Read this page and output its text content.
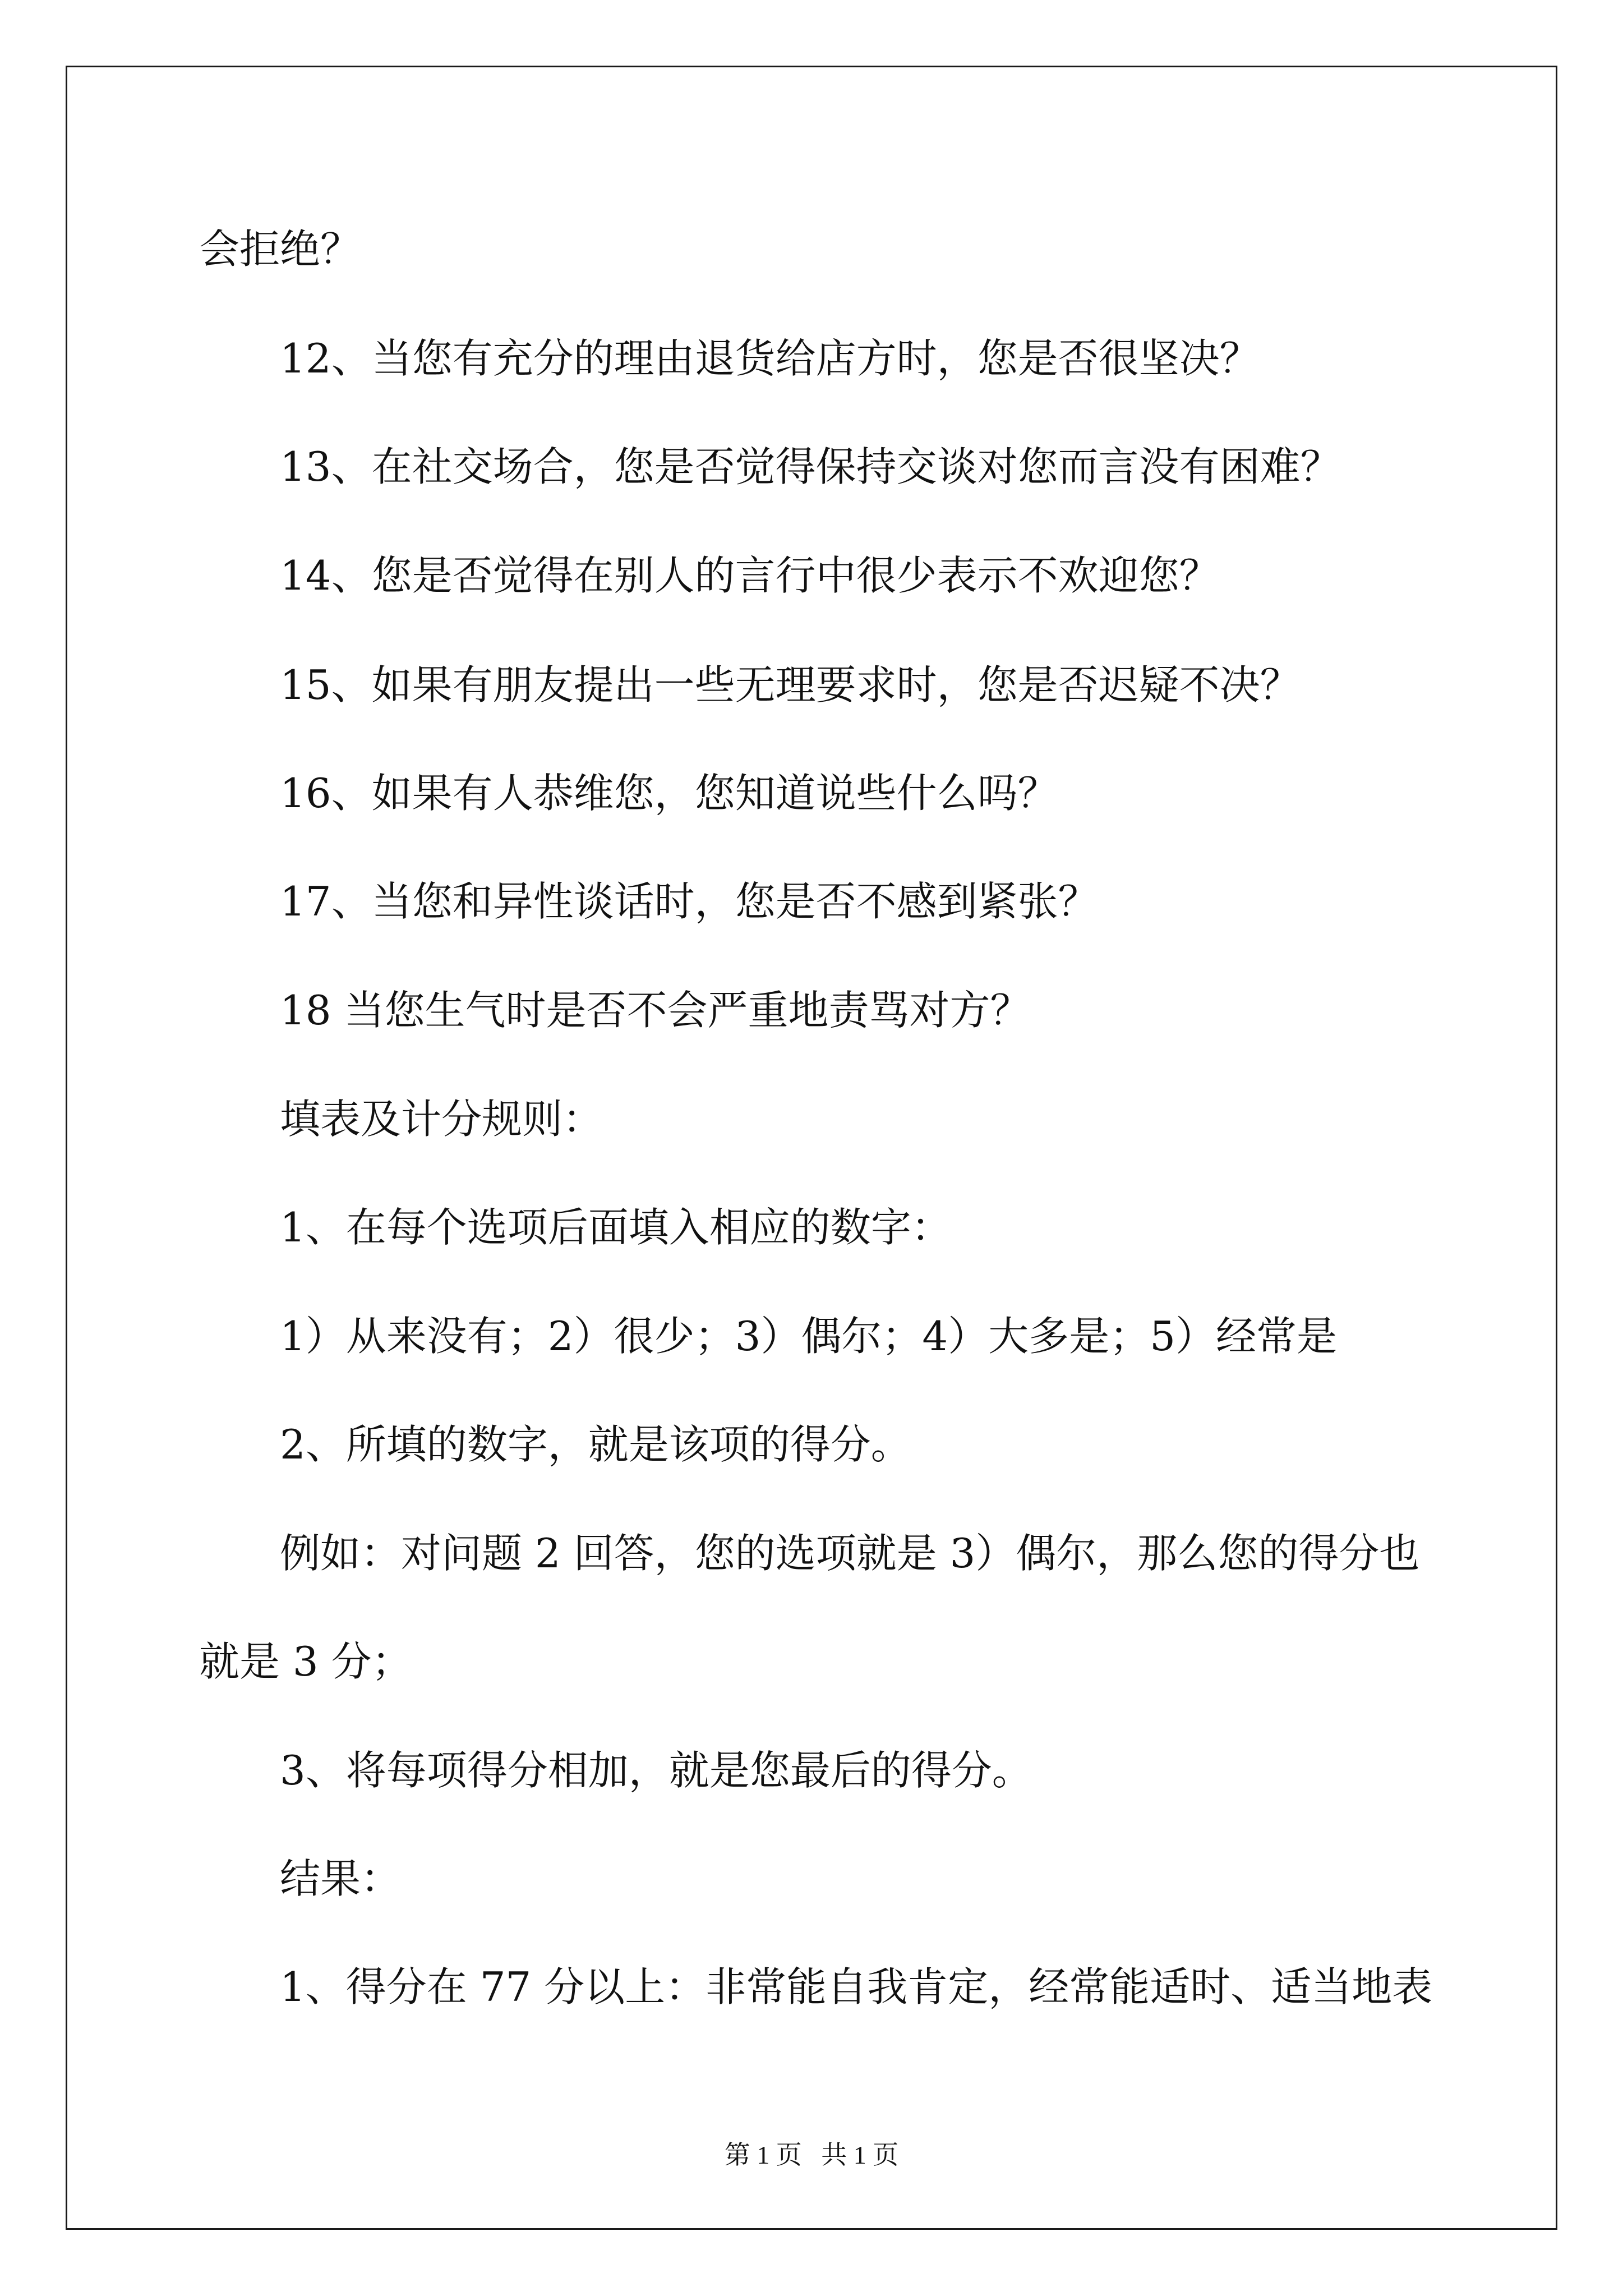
会拒绝？
12、当您有充分的理由退货给店方时，您是否很坚决？
13、在社交场合，您是否觉得保持交谈对您而言没有困难？
14、您是否觉得在别人的言行中很少表示不欢迎您？
15、如果有朋友提出一些无理要求时，您是否迟疑不决？
16、如果有人恭维您，您知道说些什么吗？
17、当您和异性谈话时，您是否不感到紧张？
18 当您生气时是否不会严重地责骂对方？
填表及计分规则：
1、在每个选项后面填入相应的数字：
1）从来没有；2）很少；3）偶尔；4）大多是；5）经常是
2、所填的数字，就是该项的得分。
例如：对问题 2 回答，您的选项就是 3）偶尔，那么您的得分也
就是 3 分；
3、将每项得分相加，就是您最后的得分。
结果：
1、得分在 77 分以上：非常能自我肯定，经常能适时、适当地表
第 1 页   共 1 页
